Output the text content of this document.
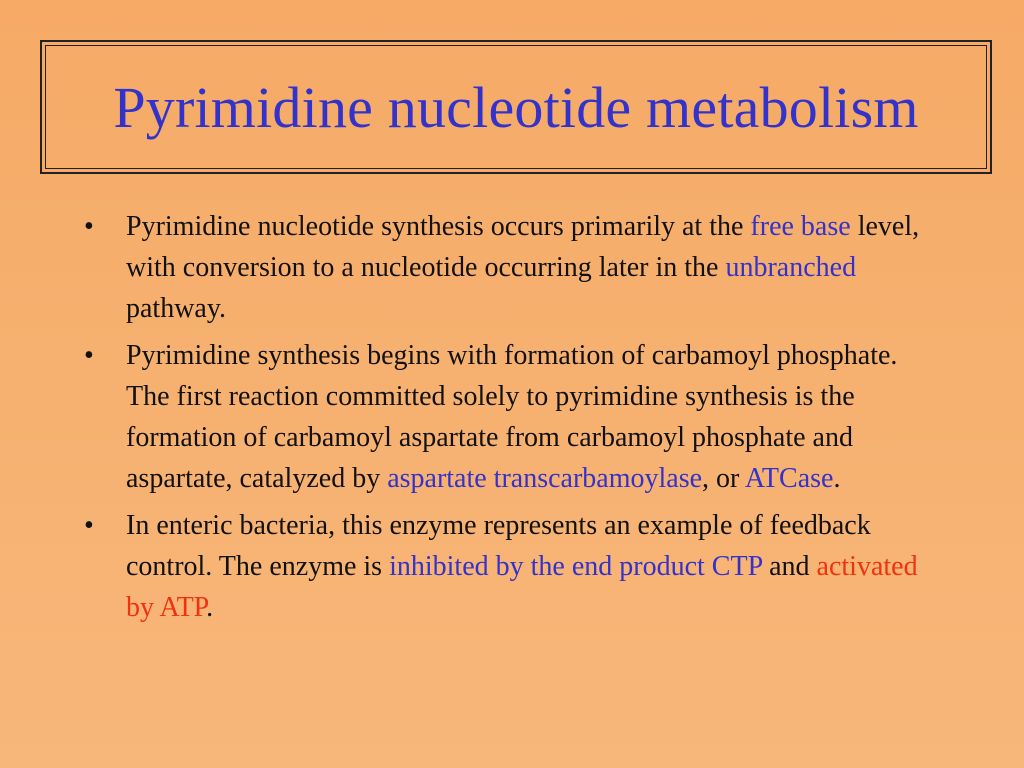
Pyrimidine nucleotide metabolism
• Pyrimidine nucleotide synthesis occurs primarily at the free base level, with conversion to a nucleotide occurring later in the unbranched pathway.
• Pyrimidine synthesis begins with formation of carbamoyl phosphate. The first reaction committed solely to pyrimidine synthesis is the formation of carbamoyl aspartate from carbamoyl phosphate and aspartate, catalyzed by aspartate transcarbamoylase, or ATCase.
• In enteric bacteria, this enzyme represents an example of feedback control. The enzyme is inhibited by the end product CTP and activated by ATP.
